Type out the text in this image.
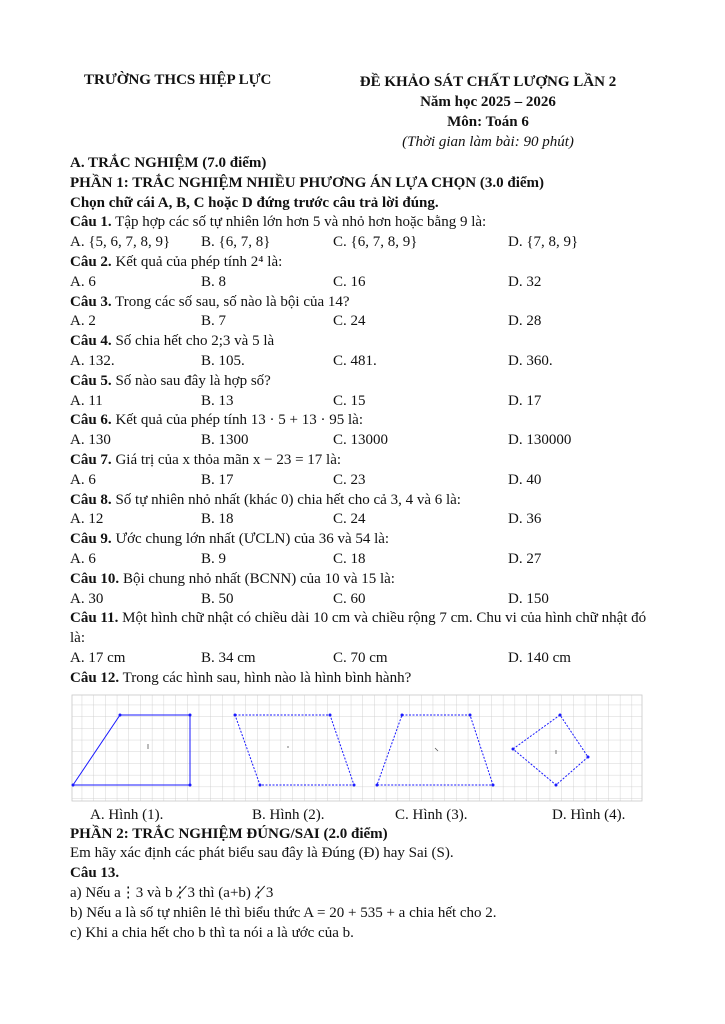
TRƯỜNG THCS HIỆP LỰC	ĐỀ KHẢO SÁT CHẤT LƯỢNG LẦN 2
Năm học 2025 – 2026
Môn: Toán 6
(Thời gian làm bài: 90 phút)
A. TRẮC NGHIỆM (7.0 điểm)
PHẦN 1: TRẮC NGHIỆM NHIỀU PHƯƠNG ÁN LỰA CHỌN (3.0 điểm)
Chọn chữ cái A, B, C hoặc D đứng trước câu trả lời đúng.
Câu 1. Tập hợp các số tự nhiên lớn hơn 5 và nhỏ hơn hoặc bằng 9 là:
A. {5, 6, 7, 8, 9} B. {6, 7, 8}	C. {6, 7, 8, 9}	D. {7, 8, 9}
Câu 2. Kết quả của phép tính 2⁴ là:
A. 6	B. 8	C. 16	D. 32
Câu 3. Trong các số sau, số nào là bội của 14?
A. 2	B. 7	C. 24	D. 28
Câu 4. Số chia hết cho 2;3 và 5 là
A. 132.	B. 105.	C. 481.	D. 360.
Câu 5. Số nào sau đây là hợp số?
A. 11	B. 13	C. 15	D. 17
Câu 6. Kết quả của phép tính 13 · 5 + 13 · 95 là:
A. 130	B. 1300	C. 13000	D. 130000
Câu 7. Giá trị của x thỏa mãn x − 23 = 17 là:
A. 6	B. 17	C. 23	D. 40
Câu 8. Số tự nhiên nhỏ nhất (khác 0) chia hết cho cả 3, 4 và 6 là:
A. 12	B. 18	C. 24	D. 36
Câu 9. Ước chung lớn nhất (ƯCLN) của 36 và 54 là:
A. 6	B. 9	C. 18	D. 27
Câu 10. Bội chung nhỏ nhất (BCNN) của 10 và 15 là:
A. 30	B. 50	C. 60	D. 150
Câu 11. Một hình chữ nhật có chiều dài 10 cm và chiều rộng 7 cm. Chu vi của hình chữ nhật đó là:
A. 17 cm	B. 34 cm	C. 70 cm	D. 140 cm
Câu 12. Trong các hình sau, hình nào là hình bình hành?
A. Hình (1).	B. Hình (2).	C. Hình (3).	D. Hình (4).
PHẦN 2: TRẮC NGHIỆM ĐÚNG/SAI (2.0 điểm)
Em hãy xác định các phát biểu sau đây là Đúng (Đ) hay Sai (S).
Câu 13.
a) Nếu a⋮3 và b⋮̸3 thì (a+b)⋮̸3
b) Nếu a là số tự nhiên lẻ thì biểu thức A = 20 + 535 + a chia hết cho 2.
c) Khi a chia hết cho b thì ta nói a là ước của b.
